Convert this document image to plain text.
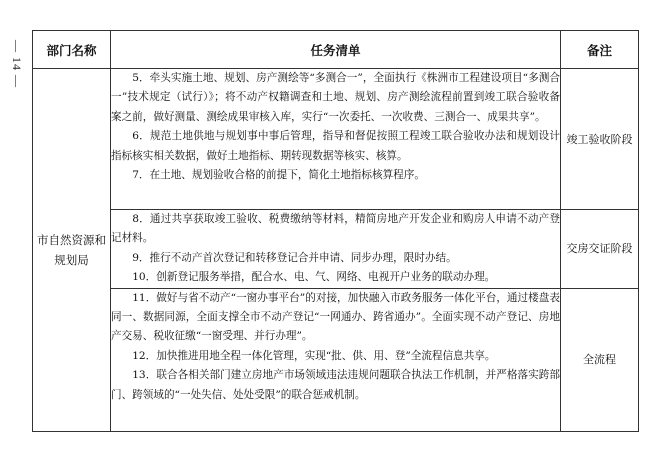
— 14 — 部门名称	任务清单	备注
市自然资源和规划局	5．牵头实施土地、规划、房产测绘等“多测合一”，全面执行《株洲市工程建设项目“多测合一”技术规定（试行）》；将不动产权籍调查和土地、规划、房产测绘流程前置到竣工联合验收备案之前，做好测量、测绘成果审核入库，实行“一次委托、一次收费、三测合一、成果共享”。

6．规范土地供地与规划事中事后管理，指导和督促按照工程竣工联合验收办法和规划设计指标核实相关数据，做好土地指标、期转现数据等核实、核算。

7．在土地、规划验收合格的前提下，简化土地指标核算程序。	竣工验收阶段

	8．通过共享获取竣工验收、税费缴纳等材料，精简房地产开发企业和购房人申请不动产登记材料。

9．推行不动产首次登记和转移登记合并申请、同步办理，限时办结。

10．创新登记服务举措，配合水、电、气、网络、电视开户业务的联动办理。	交房交证阶段

	11．做好与省不动产“一窗办事平台”的对接，加快融入市政务服务一体化平台，通过楼盘表同一、数据同源，全面支撑全市不动产登记“一网通办、跨省通办”。全面实现不动产登记、房地产交易、税收征缴“一窗受理、并行办理”。

12．加快推进用地全程一体化管理，实现“批、供、用、登”全流程信息共享。

13．联合各相关部门建立房地产市场领域违法违规问题联合执法工作机制，并严格落实跨部门、跨领域的“一处失信、处处受限”的联合惩戒机制。	全流程
